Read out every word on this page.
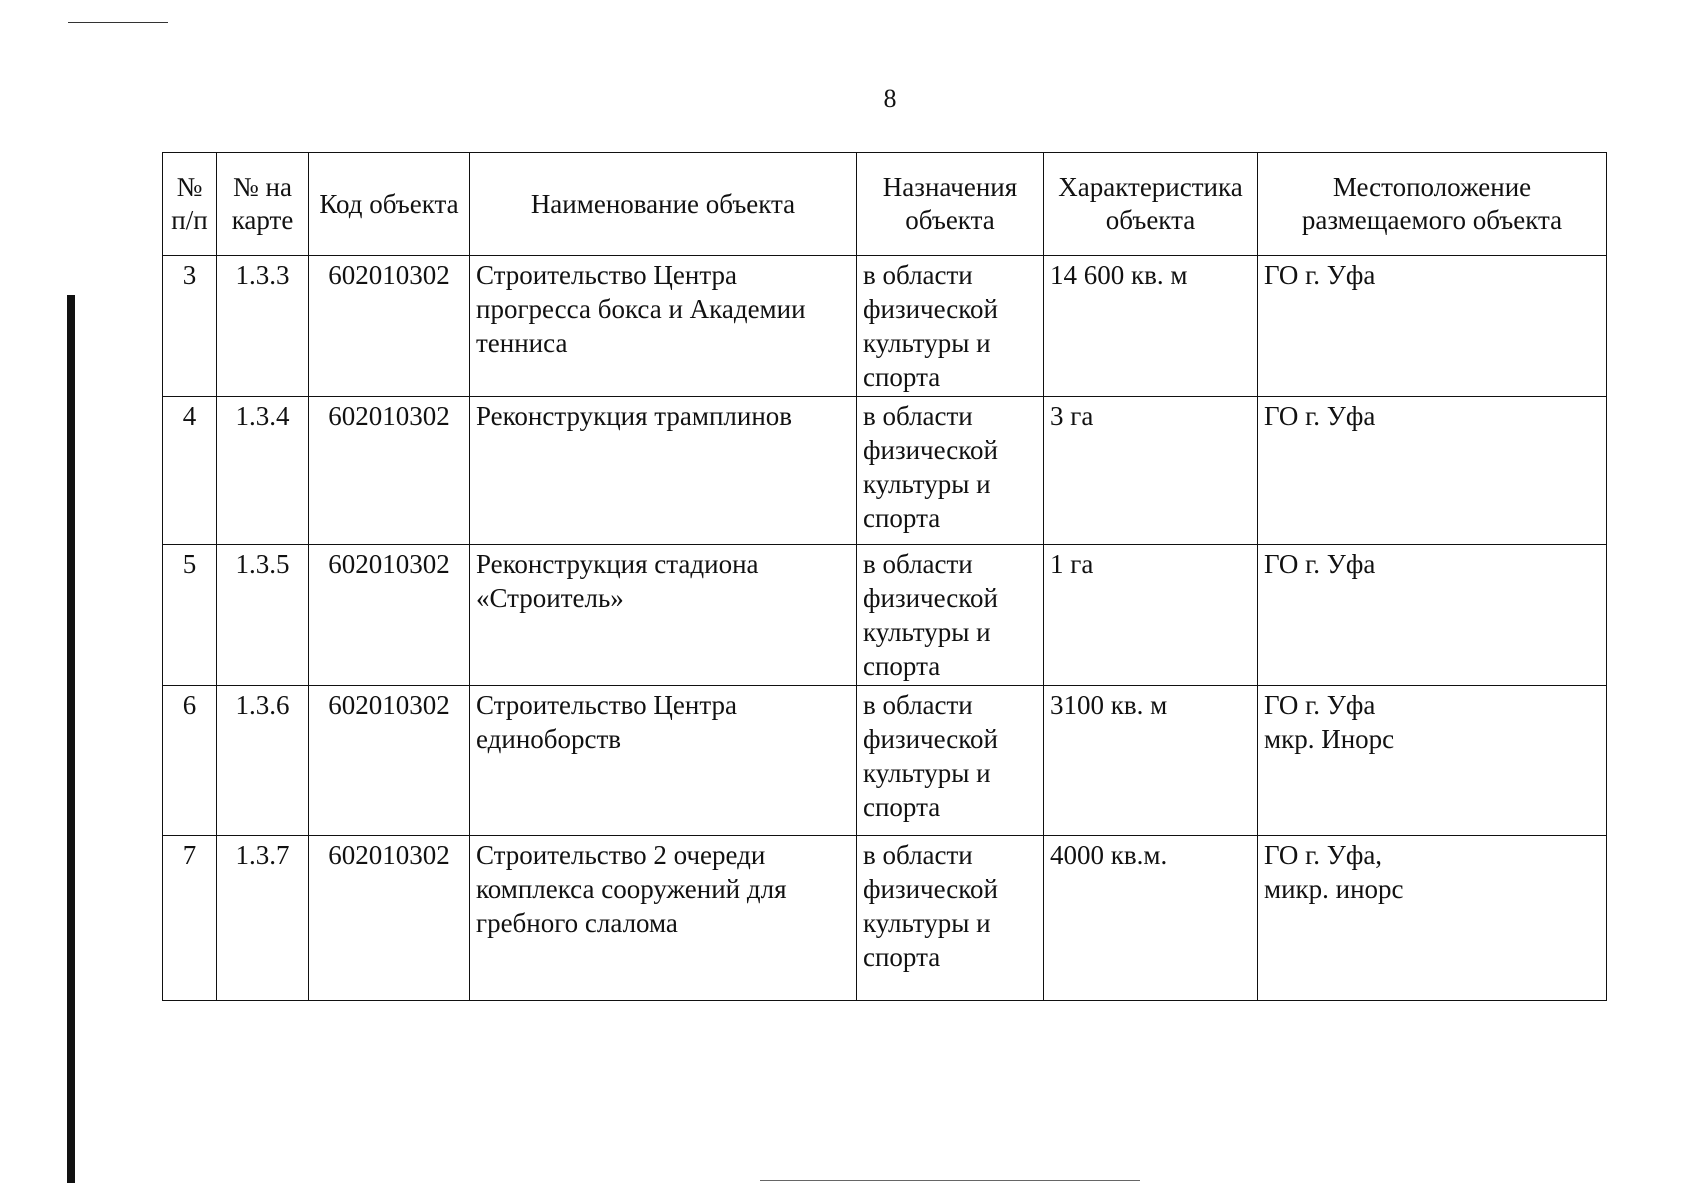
8
№ п/п	№ на карте	Код объекта	Наименование объекта	Назначения объекта	Характеристика объекта	Местоположение размещаемого объекта
3	1.3.3	602010302	Строительство Центра прогресса бокса и Академии тенниса	в области физической культуры и спорта	14 600 кв. м	ГО г. Уфа
4	1.3.4	602010302	Реконструкция трамплинов	в области физической культуры и спорта	3 га	ГО г. Уфа
5	1.3.5	602010302	Реконструкция стадиона «Строитель»	в области физической культуры и спорта	1 га	ГО г. Уфа
6	1.3.6	602010302	Строительство Центра единоборств	в области физической культуры и спорта	3100 кв. м	ГО г. Уфа
мкр. Инорс
7	1.3.7	602010302	Строительство 2 очереди комплекса сооружений для гребного слалома	в области физической культуры и спорта	4000 кв.м.	ГО г. Уфа,
микр. инорс
